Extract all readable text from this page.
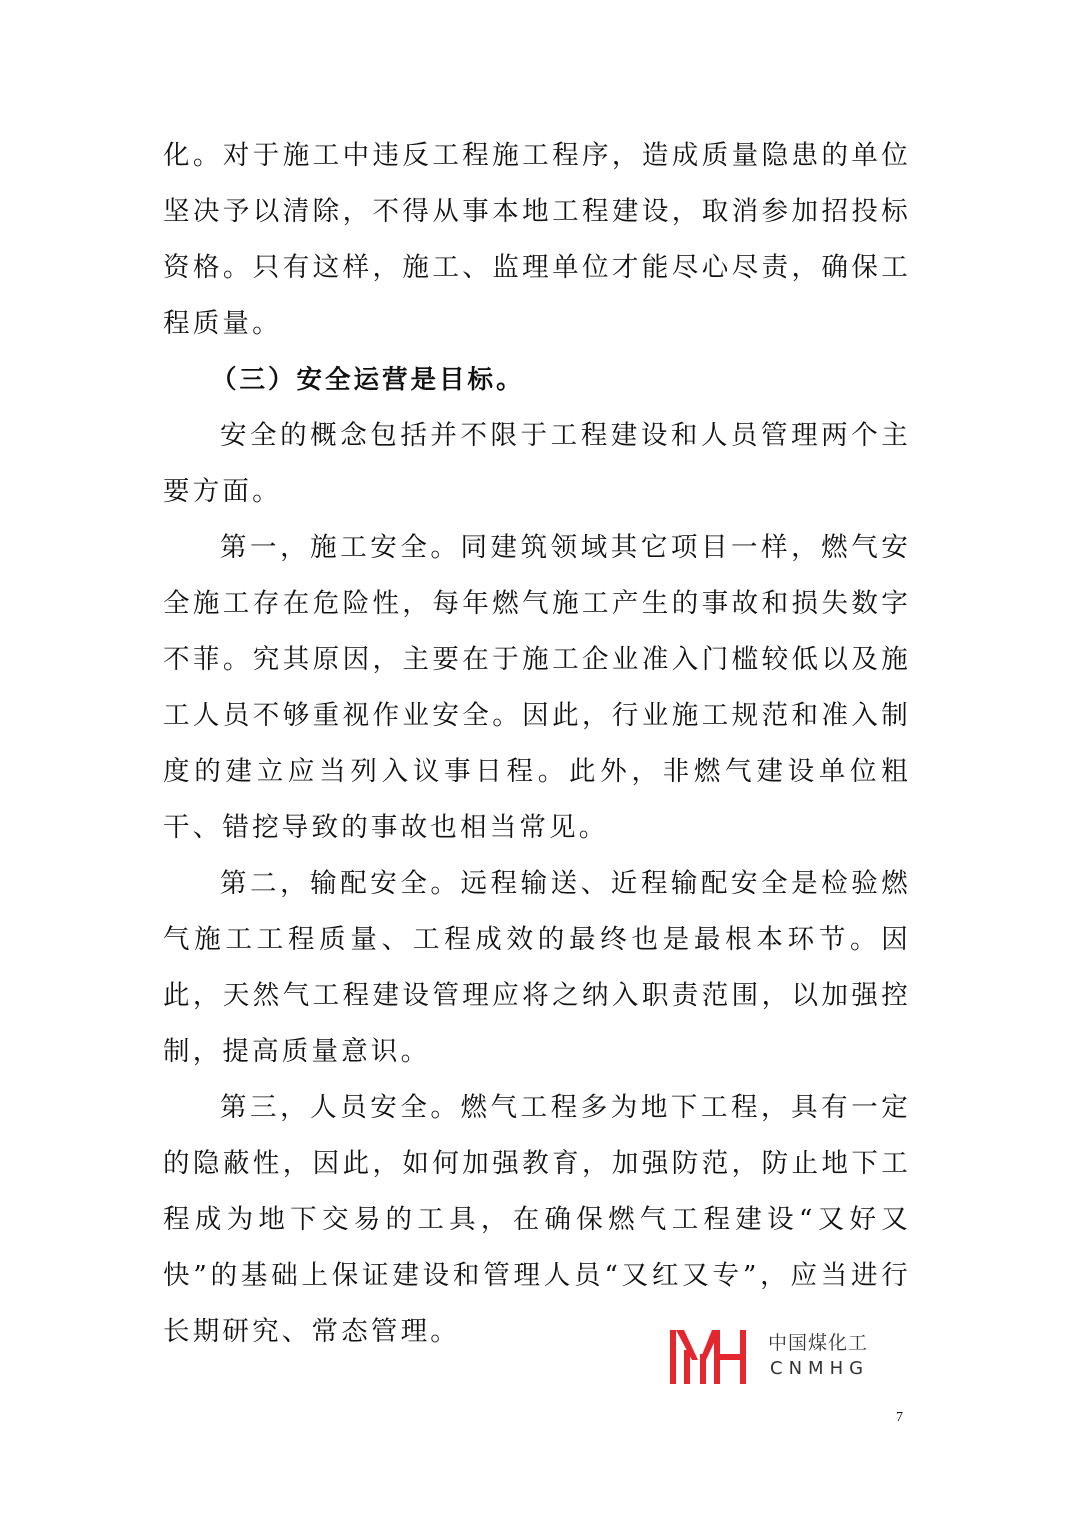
化。对于施工中违反工程施工程序，造成质量隐患的单位坚决予以清除，不得从事本地工程建设，取消参加招投标资格。只有这样，施工、监理单位才能尽心尽责，确保工程质量。

（三）安全运营是目标。

安全的概念包括并不限于工程建设和人员管理两个主要方面。

第一，施工安全。同建筑领域其它项目一样，燃气安全施工存在危险性，每年燃气施工产生的事故和损失数字不菲。究其原因，主要在于施工企业准入门槛较低以及施工人员不够重视作业安全。因此，行业施工规范和准入制度的建立应当列入议事日程。此外，非燃气建设单位粗干、错挖导致的事故也相当常见。

第二，输配安全。远程输送、近程输配安全是检验燃气施工工程质量、工程成效的最终也是最根本环节。因此，天然气工程建设管理应将之纳入职责范围，以加强控制，提高质量意识。

第三，人员安全。燃气工程多为地下工程，具有一定的隐蔽性，因此，如何加强教育，加强防范，防止地下工程成为地下交易的工具，在确保燃气工程建设“又好又快”的基础上保证建设和管理人员“又红又专”，应当进行长期研究、常态管理。	中国煤化工
CNMHG
7
